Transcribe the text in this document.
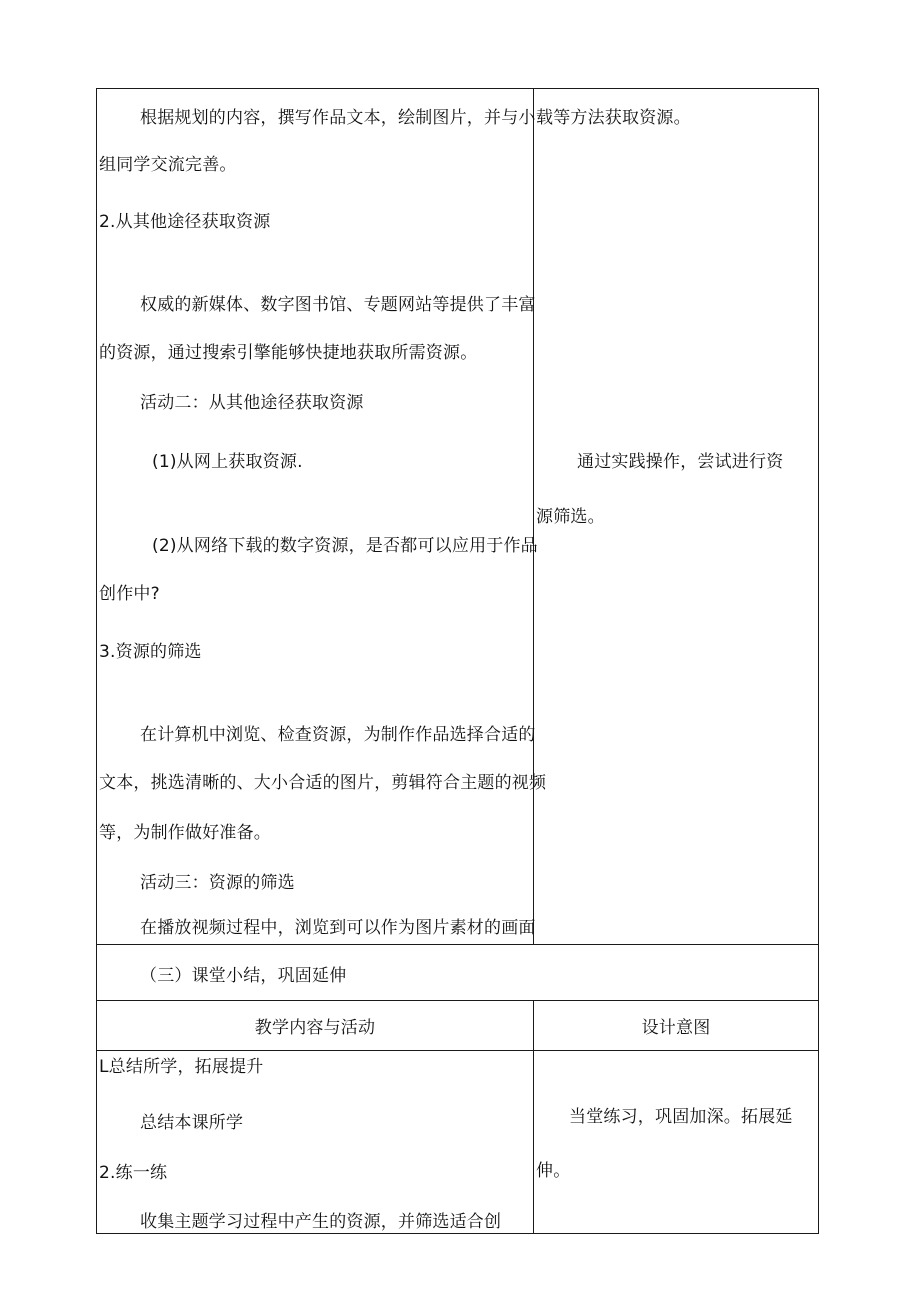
根据规划的内容，撰写作品文本，绘制图片，并与小
组同学交流完善。
2.从其他途径获取资源
权威的新媒体、数字图书馆、专题网站等提供了丰富
的资源，通过搜索引擎能够快捷地获取所需资源。
活动二：从其他途径获取资源
(1)从网上获取资源.
(2)从网络下载的数字资源，是否都可以应用于作品
创作中?
3.资源的筛选
在计算机中浏览、检查资源，为制作作品选择合适的
文本，挑选清晰的、大小合适的图片，剪辑符合主题的视频
等，为制作做好准备。
活动三：资源的筛选
在播放视频过程中，浏览到可以作为图片素材的画面
载等方法获取资源。
通过实践操作，尝试进行资
源筛选。
（三）课堂小结，巩固延伸
教学内容与活动	设计意图
L总结所学，拓展提升
总结本课所学
2.练一练
收集主题学习过程中产生的资源，并筛选适合创
当堂练习，巩固加深。拓展延
伸。
